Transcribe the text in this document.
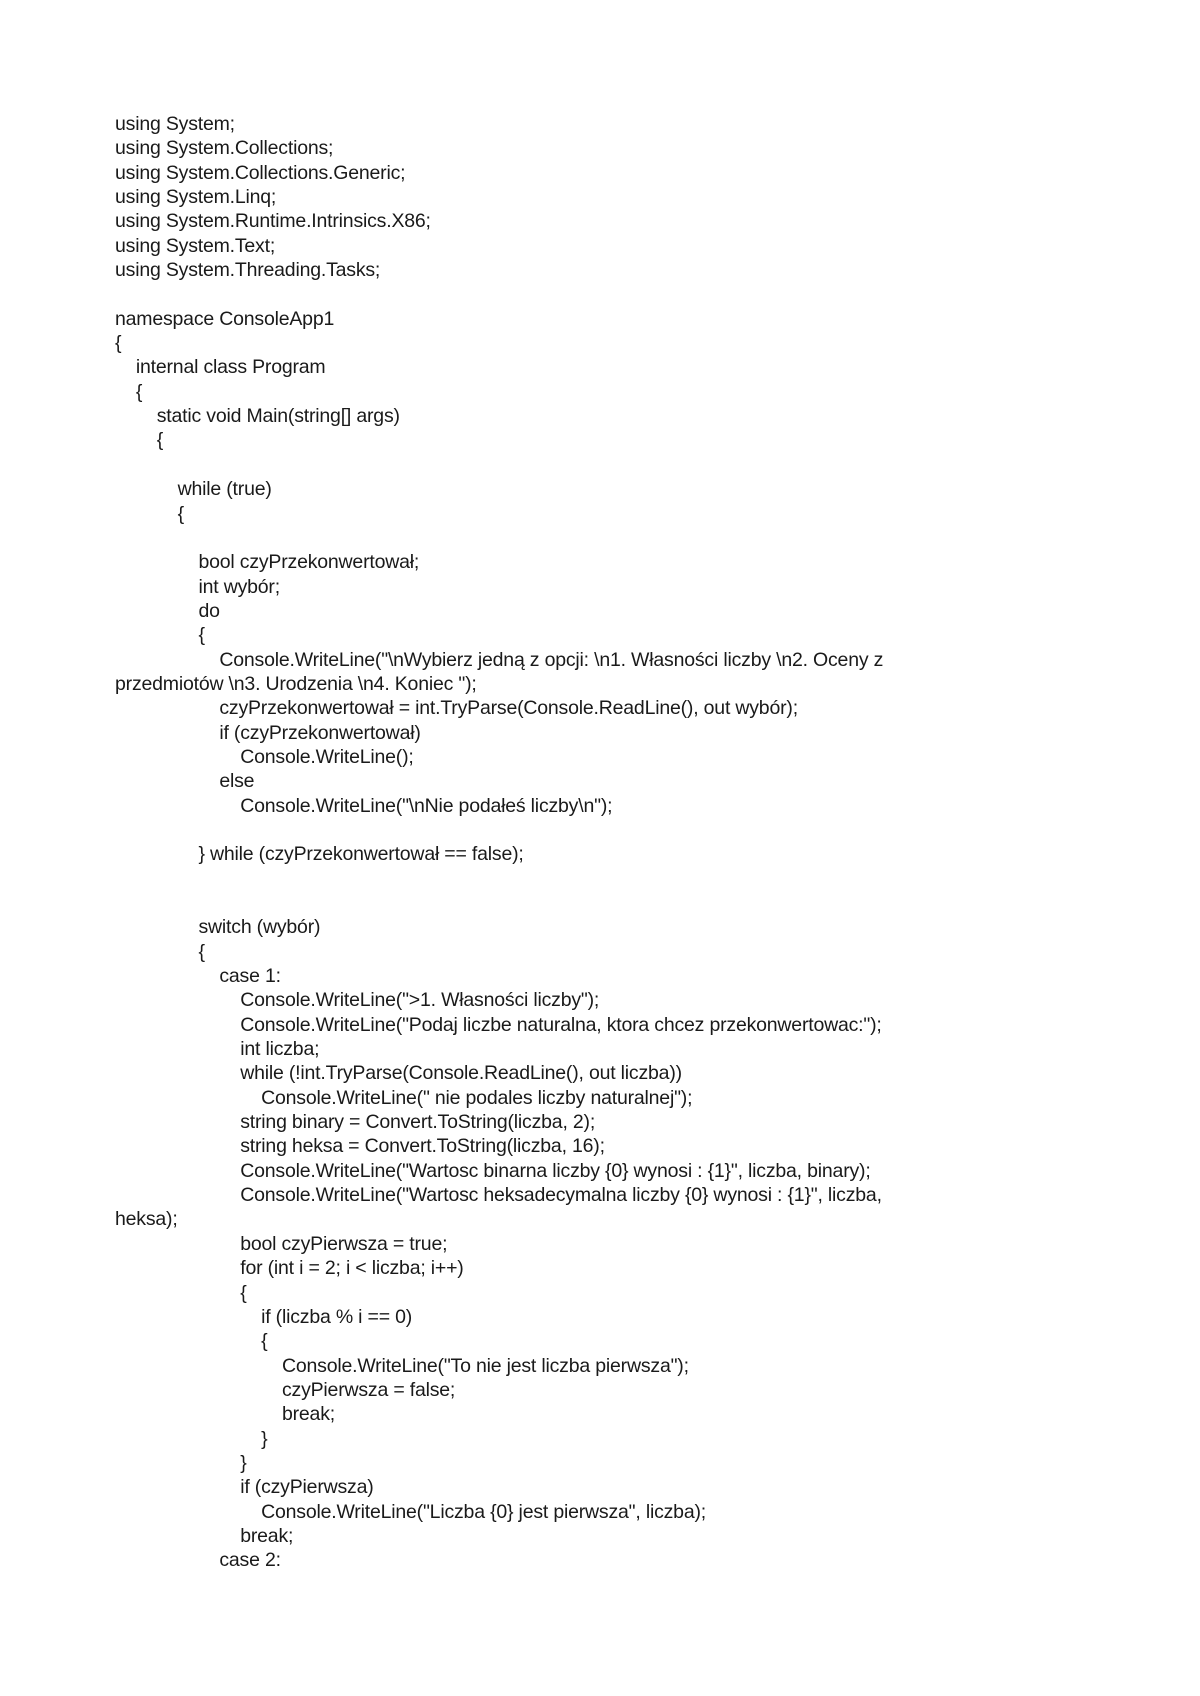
using System;
using System.Collections;
using System.Collections.Generic;
using System.Linq;
using System.Runtime.Intrinsics.X86;
using System.Text;
using System.Threading.Tasks;
namespace ConsoleApp1
{
internal class Program
{
static void Main(string[] args)
{
while (true)
{
bool czyPrzekonwertował;
int wybór;
do
{
Console.WriteLine("\nWybierz jedną z opcji: \n1. Własności liczby \n2. Oceny z
przedmiotów \n3. Urodzenia \n4. Koniec ");
czyPrzekonwertował = int.TryParse(Console.ReadLine(), out wybór);
if (czyPrzekonwertował)
Console.WriteLine();
else
Console.WriteLine("\nNie podałeś liczby\n");
} while (czyPrzekonwertował == false);
switch (wybór)
{
case 1:
Console.WriteLine(">1. Własności liczby");
Console.WriteLine("Podaj liczbe naturalna, ktora chcez przekonwertowac:");
int liczba;
while (!int.TryParse(Console.ReadLine(), out liczba))
Console.WriteLine(" nie podales liczby naturalnej");
string binary = Convert.ToString(liczba, 2);
string heksa = Convert.ToString(liczba, 16);
Console.WriteLine("Wartosc binarna liczby {0} wynosi : {1}", liczba, binary);
Console.WriteLine("Wartosc heksadecymalna liczby {0} wynosi : {1}", liczba,
heksa);
bool czyPierwsza = true;
for (int i = 2; i < liczba; i++)
{
if (liczba % i == 0)
{
Console.WriteLine("To nie jest liczba pierwsza");
czyPierwsza = false;
break;
}
}
if (czyPierwsza)
Console.WriteLine("Liczba {0} jest pierwsza", liczba);
break;
case 2:
